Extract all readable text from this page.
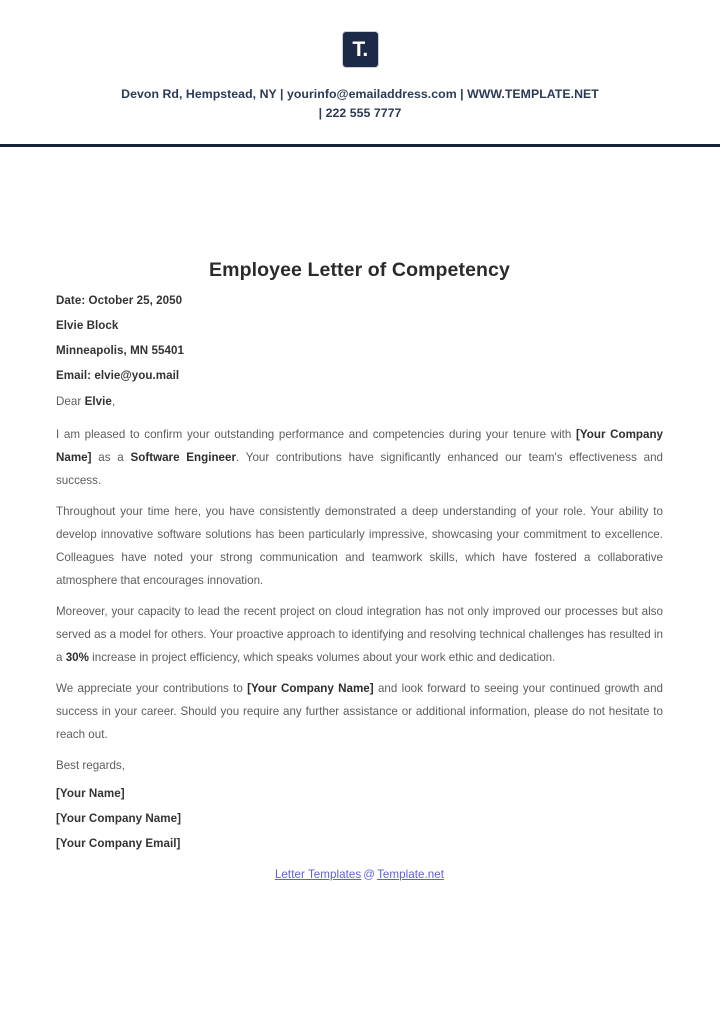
T.
Devon Rd, Hempstead, NY | yourinfo@emailaddress.com | WWW.TEMPLATE.NET | 222 555 7777
Employee Letter of Competency
Date: October 25, 2050
Elvie Block
Minneapolis, MN 55401
Email: elvie@you.mail
Dear Elvie,
I am pleased to confirm your outstanding performance and competencies during your tenure with [Your Company Name] as a Software Engineer. Your contributions have significantly enhanced our team's effectiveness and success.
Throughout your time here, you have consistently demonstrated a deep understanding of your role. Your ability to develop innovative software solutions has been particularly impressive, showcasing your commitment to excellence. Colleagues have noted your strong communication and teamwork skills, which have fostered a collaborative atmosphere that encourages innovation.
Moreover, your capacity to lead the recent project on cloud integration has not only improved our processes but also served as a model for others. Your proactive approach to identifying and resolving technical challenges has resulted in a 30% increase in project efficiency, which speaks volumes about your work ethic and dedication.
We appreciate your contributions to [Your Company Name] and look forward to seeing your continued growth and success in your career. Should you require any further assistance or additional information, please do not hesitate to reach out.
Best regards,
[Your Name]
[Your Company Name]
[Your Company Email]
Letter Templates @ Template.net
